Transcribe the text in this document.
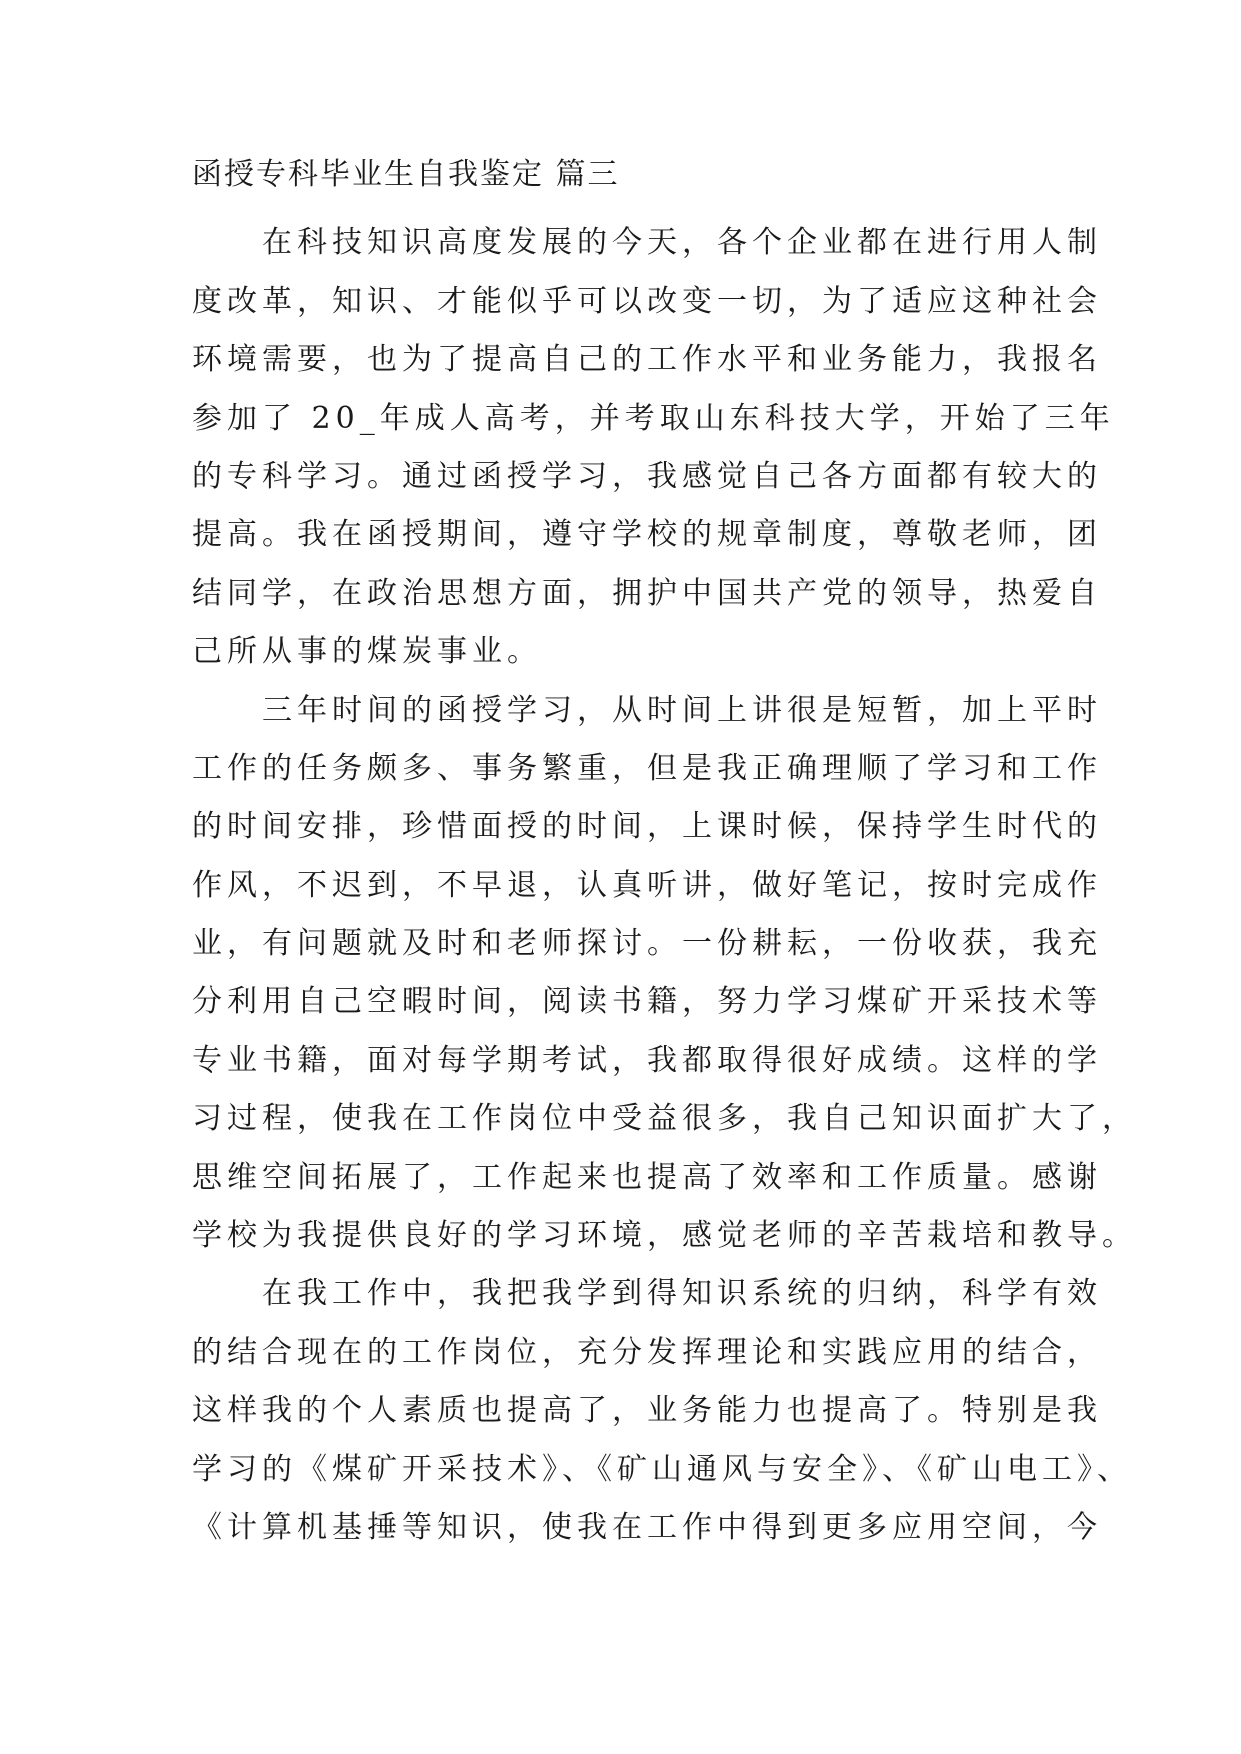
函授专科毕业生自我鉴定 篇三
　　在科技知识高度发展的今天，各个企业都在进行用人制
度改革，知识、才能似乎可以改变一切，为了适应这种社会
环境需要，也为了提高自己的工作水平和业务能力，我报名
参加了 20_年成人高考，并考取山东科技大学，开始了三年
的专科学习。通过函授学习，我感觉自己各方面都有较大的
提高。我在函授期间，遵守学校的规章制度，尊敬老师，团
结同学，在政治思想方面，拥护中国共产党的领导，热爱自
己所从事的煤炭事业。
　　三年时间的函授学习，从时间上讲很是短暂，加上平时
工作的任务颇多、事务繁重，但是我正确理顺了学习和工作
的时间安排，珍惜面授的时间，上课时候，保持学生时代的
作风，不迟到，不早退，认真听讲，做好笔记，按时完成作
业，有问题就及时和老师探讨。一份耕耘，一份收获，我充
分利用自己空暇时间，阅读书籍，努力学习煤矿开采技术等
专业书籍，面对每学期考试，我都取得很好成绩。这样的学
习过程，使我在工作岗位中受益很多，我自己知识面扩大了，
思维空间拓展了，工作起来也提高了效率和工作质量。感谢
学校为我提供良好的学习环境，感觉老师的辛苦栽培和教导。
　　在我工作中，我把我学到得知识系统的归纳，科学有效
的结合现在的工作岗位，充分发挥理论和实践应用的结合，
这样我的个人素质也提高了，业务能力也提高了。特别是我
学习的《煤矿开采技术》、《矿山通风与安全》、《矿山电工》、
《计算机基捶等知识，使我在工作中得到更多应用空间，今
